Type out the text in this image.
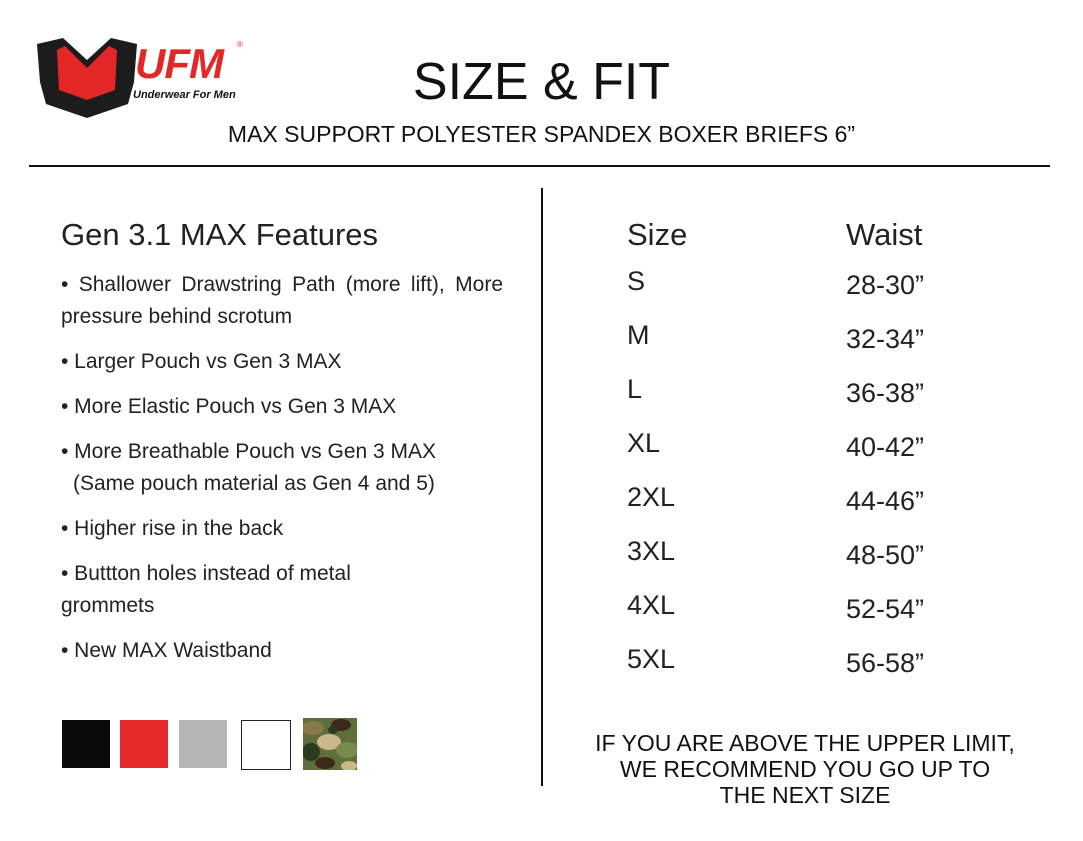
UFM ®
Underwear For Men	SIZE & FIT
MAX SUPPORT POLYESTER SPANDEX BOXER BRIEFS 6”
Gen 3.1 MAX Features
• Shallower Drawstring Path (more lift), More pressure behind scrotum
• Larger Pouch vs Gen 3 MAX
• More Elastic Pouch vs Gen 3 MAX
• More Breathable Pouch vs Gen 3 MAX
(Same pouch material as Gen 4 and 5)
• Higher rise in the back
• Buttton holes instead of metal grommets
• New MAX Waistband
Size	Waist
S	28-30”
M	32-34”
L	36-38”
XL	40-42”
2XL	44-46”
3XL	48-50”
4XL	52-54”
5XL	56-58”
IF YOU ARE ABOVE THE UPPER LIMIT,
WE RECOMMEND YOU GO UP TO
THE NEXT SIZE
